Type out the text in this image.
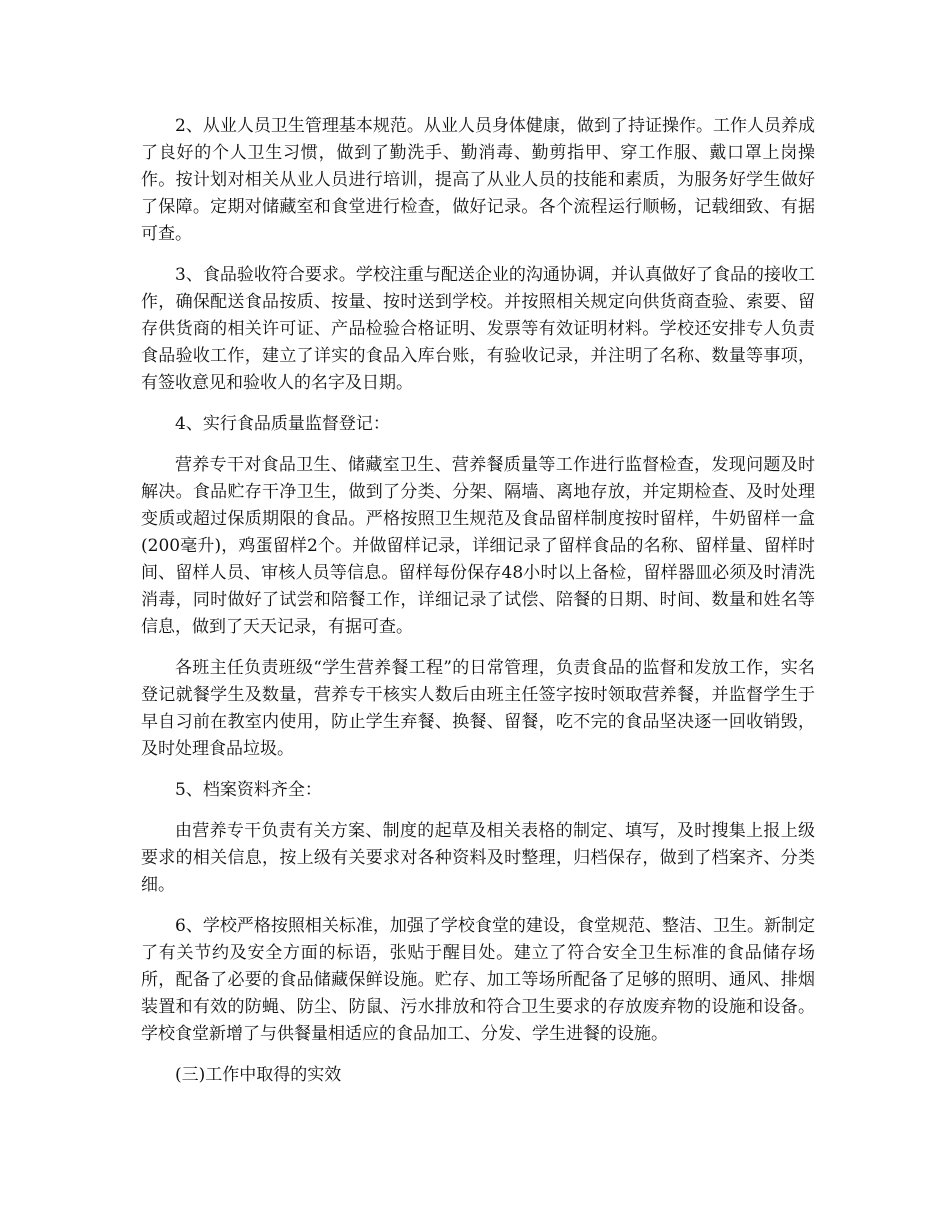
2、从业人员卫生管理基本规范。从业人员身体健康，做到了持证操作。工作人员养成了良好的个人卫生习惯，做到了勤洗手、勤消毒、勤剪指甲、穿工作服、戴口罩上岗操作。按计划对相关从业人员进行培训，提高了从业人员的技能和素质，为服务好学生做好了保障。定期对储藏室和食堂进行检查，做好记录。各个流程运行顺畅，记载细致、有据可查。

3、食品验收符合要求。学校注重与配送企业的沟通协调，并认真做好了食品的接收工作，确保配送食品按质、按量、按时送到学校。并按照相关规定向供货商查验、索要、留存供货商的相关许可证、产品检验合格证明、发票等有效证明材料。学校还安排专人负责食品验收工作，建立了详实的食品入库台账，有验收记录，并注明了名称、数量等事项，有签收意见和验收人的名字及日期。

4、实行食品质量监督登记：

营养专干对食品卫生、储藏室卫生、营养餐质量等工作进行监督检查，发现问题及时解决。食品贮存干净卫生，做到了分类、分架、隔墙、离地存放，并定期检查、及时处理变质或超过保质期限的食品。严格按照卫生规范及食品留样制度按时留样，牛奶留样一盒(200毫升)，鸡蛋留样2个。并做留样记录，详细记录了留样食品的名称、留样量、留样时间、留样人员、审核人员等信息。留样每份保存48小时以上备检，留样器皿必须及时清洗消毒，同时做好了试尝和陪餐工作，详细记录了试偿、陪餐的日期、时间、数量和姓名等信息，做到了天天记录，有据可查。

各班主任负责班级“学生营养餐工程”的日常管理，负责食品的监督和发放工作，实名登记就餐学生及数量，营养专干核实人数后由班主任签字按时领取营养餐，并监督学生于早自习前在教室内使用，防止学生弃餐、换餐、留餐，吃不完的食品坚决逐一回收销毁，及时处理食品垃圾。

5、档案资料齐全：

由营养专干负责有关方案、制度的起草及相关表格的制定、填写，及时搜集上报上级要求的相关信息，按上级有关要求对各种资料及时整理，归档保存，做到了档案齐、分类细。

6、学校严格按照相关标准，加强了学校食堂的建设，食堂规范、整洁、卫生。新制定了有关节约及安全方面的标语，张贴于醒目处。建立了符合安全卫生标准的食品储存场所，配备了必要的食品储藏保鲜设施。贮存、加工等场所配备了足够的照明、通风、排烟装置和有效的防蝇、防尘、防鼠、污水排放和符合卫生要求的存放废弃物的设施和设备。学校食堂新增了与供餐量相适应的食品加工、分发、学生进餐的设施。

(三)工作中取得的实效
